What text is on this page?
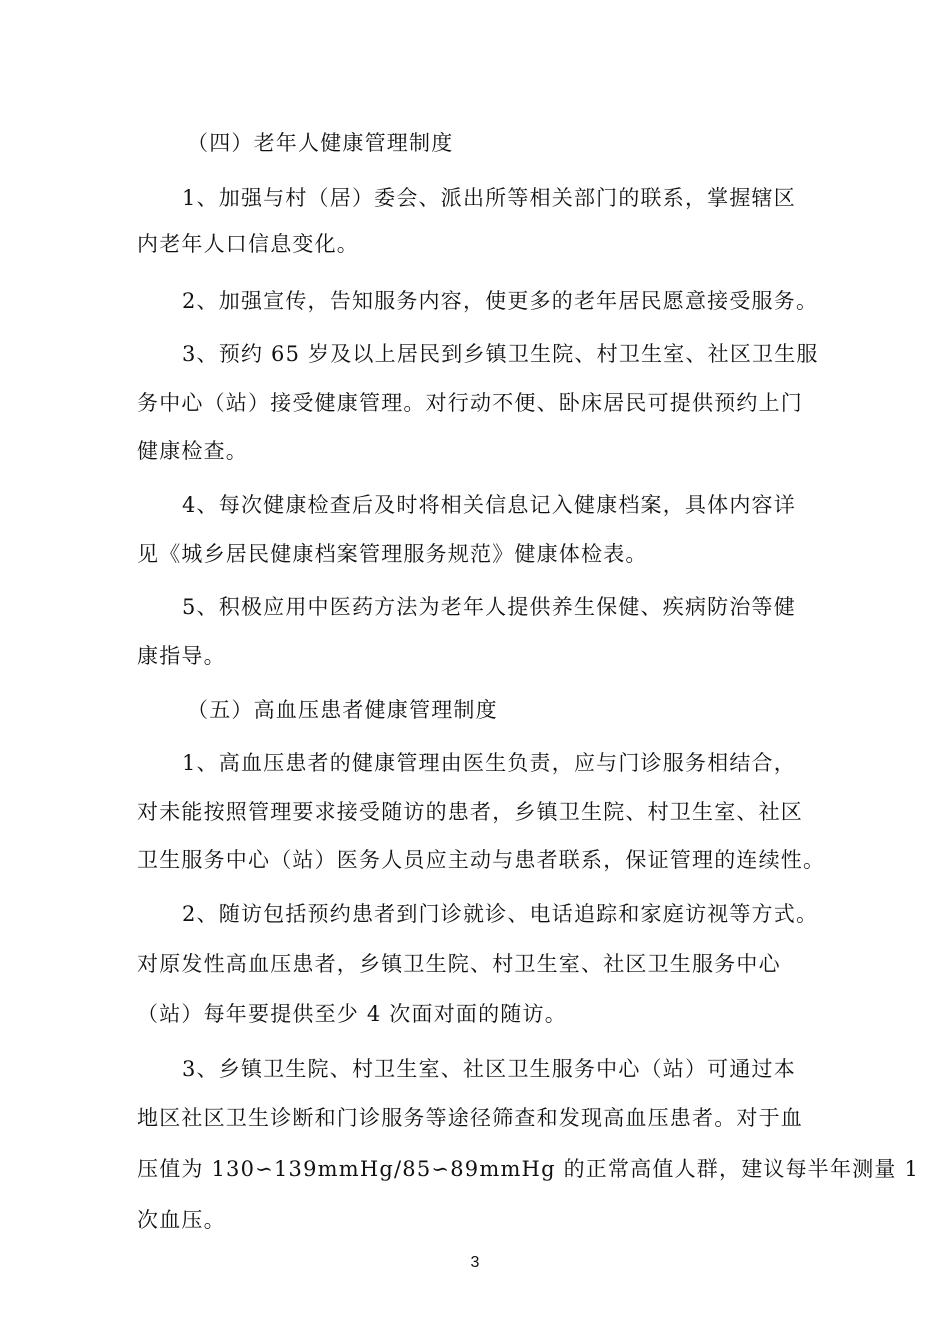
（四）老年人健康管理制度
1、加强与村（居）委会、派出所等相关部门的联系，掌握辖区
内老年人口信息变化。
2、加强宣传，告知服务内容，使更多的老年居民愿意接受服务。
3、预约 65 岁及以上居民到乡镇卫生院、村卫生室、社区卫生服
务中心（站）接受健康管理。对行动不便、卧床居民可提供预约上门
健康检查。
4、每次健康检查后及时将相关信息记入健康档案，具体内容详
见《城乡居民健康档案管理服务规范》健康体检表。
5、积极应用中医药方法为老年人提供养生保健、疾病防治等健
康指导。
（五）高血压患者健康管理制度
1、高血压患者的健康管理由医生负责，应与门诊服务相结合，
对未能按照管理要求接受随访的患者，乡镇卫生院、村卫生室、社区
卫生服务中心（站）医务人员应主动与患者联系，保证管理的连续性。
2、随访包括预约患者到门诊就诊、电话追踪和家庭访视等方式。
对原发性高血压患者，乡镇卫生院、村卫生室、社区卫生服务中心
（站）每年要提供至少 4 次面对面的随访。
3、乡镇卫生院、村卫生室、社区卫生服务中心（站）可通过本
地区社区卫生诊断和门诊服务等途径筛查和发现高血压患者。对于血
压值为 130∽139mmHg/85∽89mmHg 的正常高值人群，建议每半年测量 1
次血压。
3
